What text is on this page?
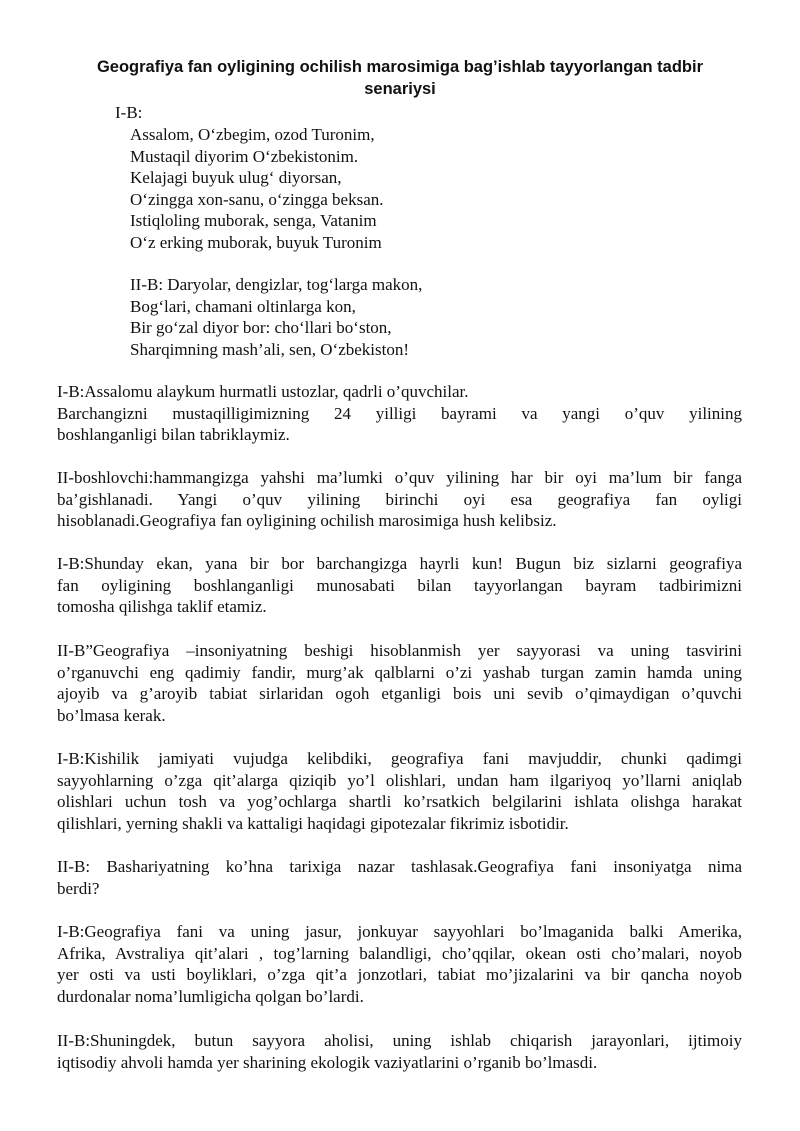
Geografiya fan oyligining ochilish marosimiga bag’ishlab tayyorlangan tadbir senariysi

I-B:

Assalom, O‘zbegim, ozod Turonim,
Mustaqil diyorim O‘zbekistonim.
Kelajagi buyuk ulug‘ diyorsan,
O‘zingga xon-sanu, o‘zingga beksan.
Istiqloling muborak, senga, Vatanim
O‘z erking muborak, buyuk Turonim
II-B: Daryolar, dengizlar, tog‘larga makon,
Bog‘lari, chamani oltinlarga kon,
Bir go‘zal diyor bor: cho‘llari bo‘ston,
Sharqimning mash’ali, sen, O‘zbekiston!
I-B:Assalomu alaykum hurmatli ustozlar, qadrli o’quvchilar.
Barchangizni mustaqilligimizning 24 yilligi bayrami va yangi o’quv yilining
boshlanganligi bilan tabriklaymiz.
II-boshlovchi:hammangizga yahshi ma’lumki o’quv yilining har bir oyi ma’lum bir fanga
ba’gishlanadi. Yangi o’quv yilining birinchi oyi esa geografiya fan oyligi
hisoblanadi.Geografiya fan oyligining ochilish marosimiga hush kelibsiz.
I-B:Shunday ekan, yana bir bor barchangizga hayrli kun! Bugun biz sizlarni geografiya
fan oyligining boshlanganligi munosabati bilan tayyorlangan bayram tadbirimizni
tomosha qilishga taklif etamiz.
II-B”Geografiya –insoniyatning beshigi hisoblanmish yer sayyorasi va uning tasvirini
o’rganuvchi eng qadimiy fandir, murg’ak qalblarni o’zi yashab turgan zamin hamda uning
ajoyib va g’aroyib tabiat sirlaridan ogoh etganligi bois uni sevib o’qimaydigan o’quvchi
bo’lmasa kerak.
I-B:Kishilik jamiyati vujudga kelibdiki, geografiya fani mavjuddir, chunki qadimgi
sayyohlarning o’zga qit’alarga qiziqib yo’l olishlari, undan ham ilgariyoq yo’llarni aniqlab
olishlari uchun tosh va yog’ochlarga shartli ko’rsatkich belgilarini ishlata olishga harakat
qilishlari, yerning shakli va kattaligi haqidagi gipotezalar fikrimiz isbotidir.
II-B: Bashariyatning ko’hna tarixiga nazar tashlasak.Geografiya fani insoniyatga nima
berdi?
I-B:Geografiya fani va uning jasur, jonkuyar sayyohlari bo’lmaganida balki Amerika,
Afrika, Avstraliya qit’alari , tog’larning balandligi, cho’qqilar, okean osti cho’malari, noyob
yer osti va usti boyliklari, o’zga qit’a jonzotlari, tabiat mo’jizalarini va bir qancha noyob
durdonalar noma’lumligicha qolgan bo’lardi.
II-B:Shuningdek, butun sayyora aholisi, uning ishlab chiqarish jarayonlari, ijtimoiy
iqtisodiy ahvoli hamda yer sharining ekologik vaziyatlarini o’rganib bo’lmasdi.
